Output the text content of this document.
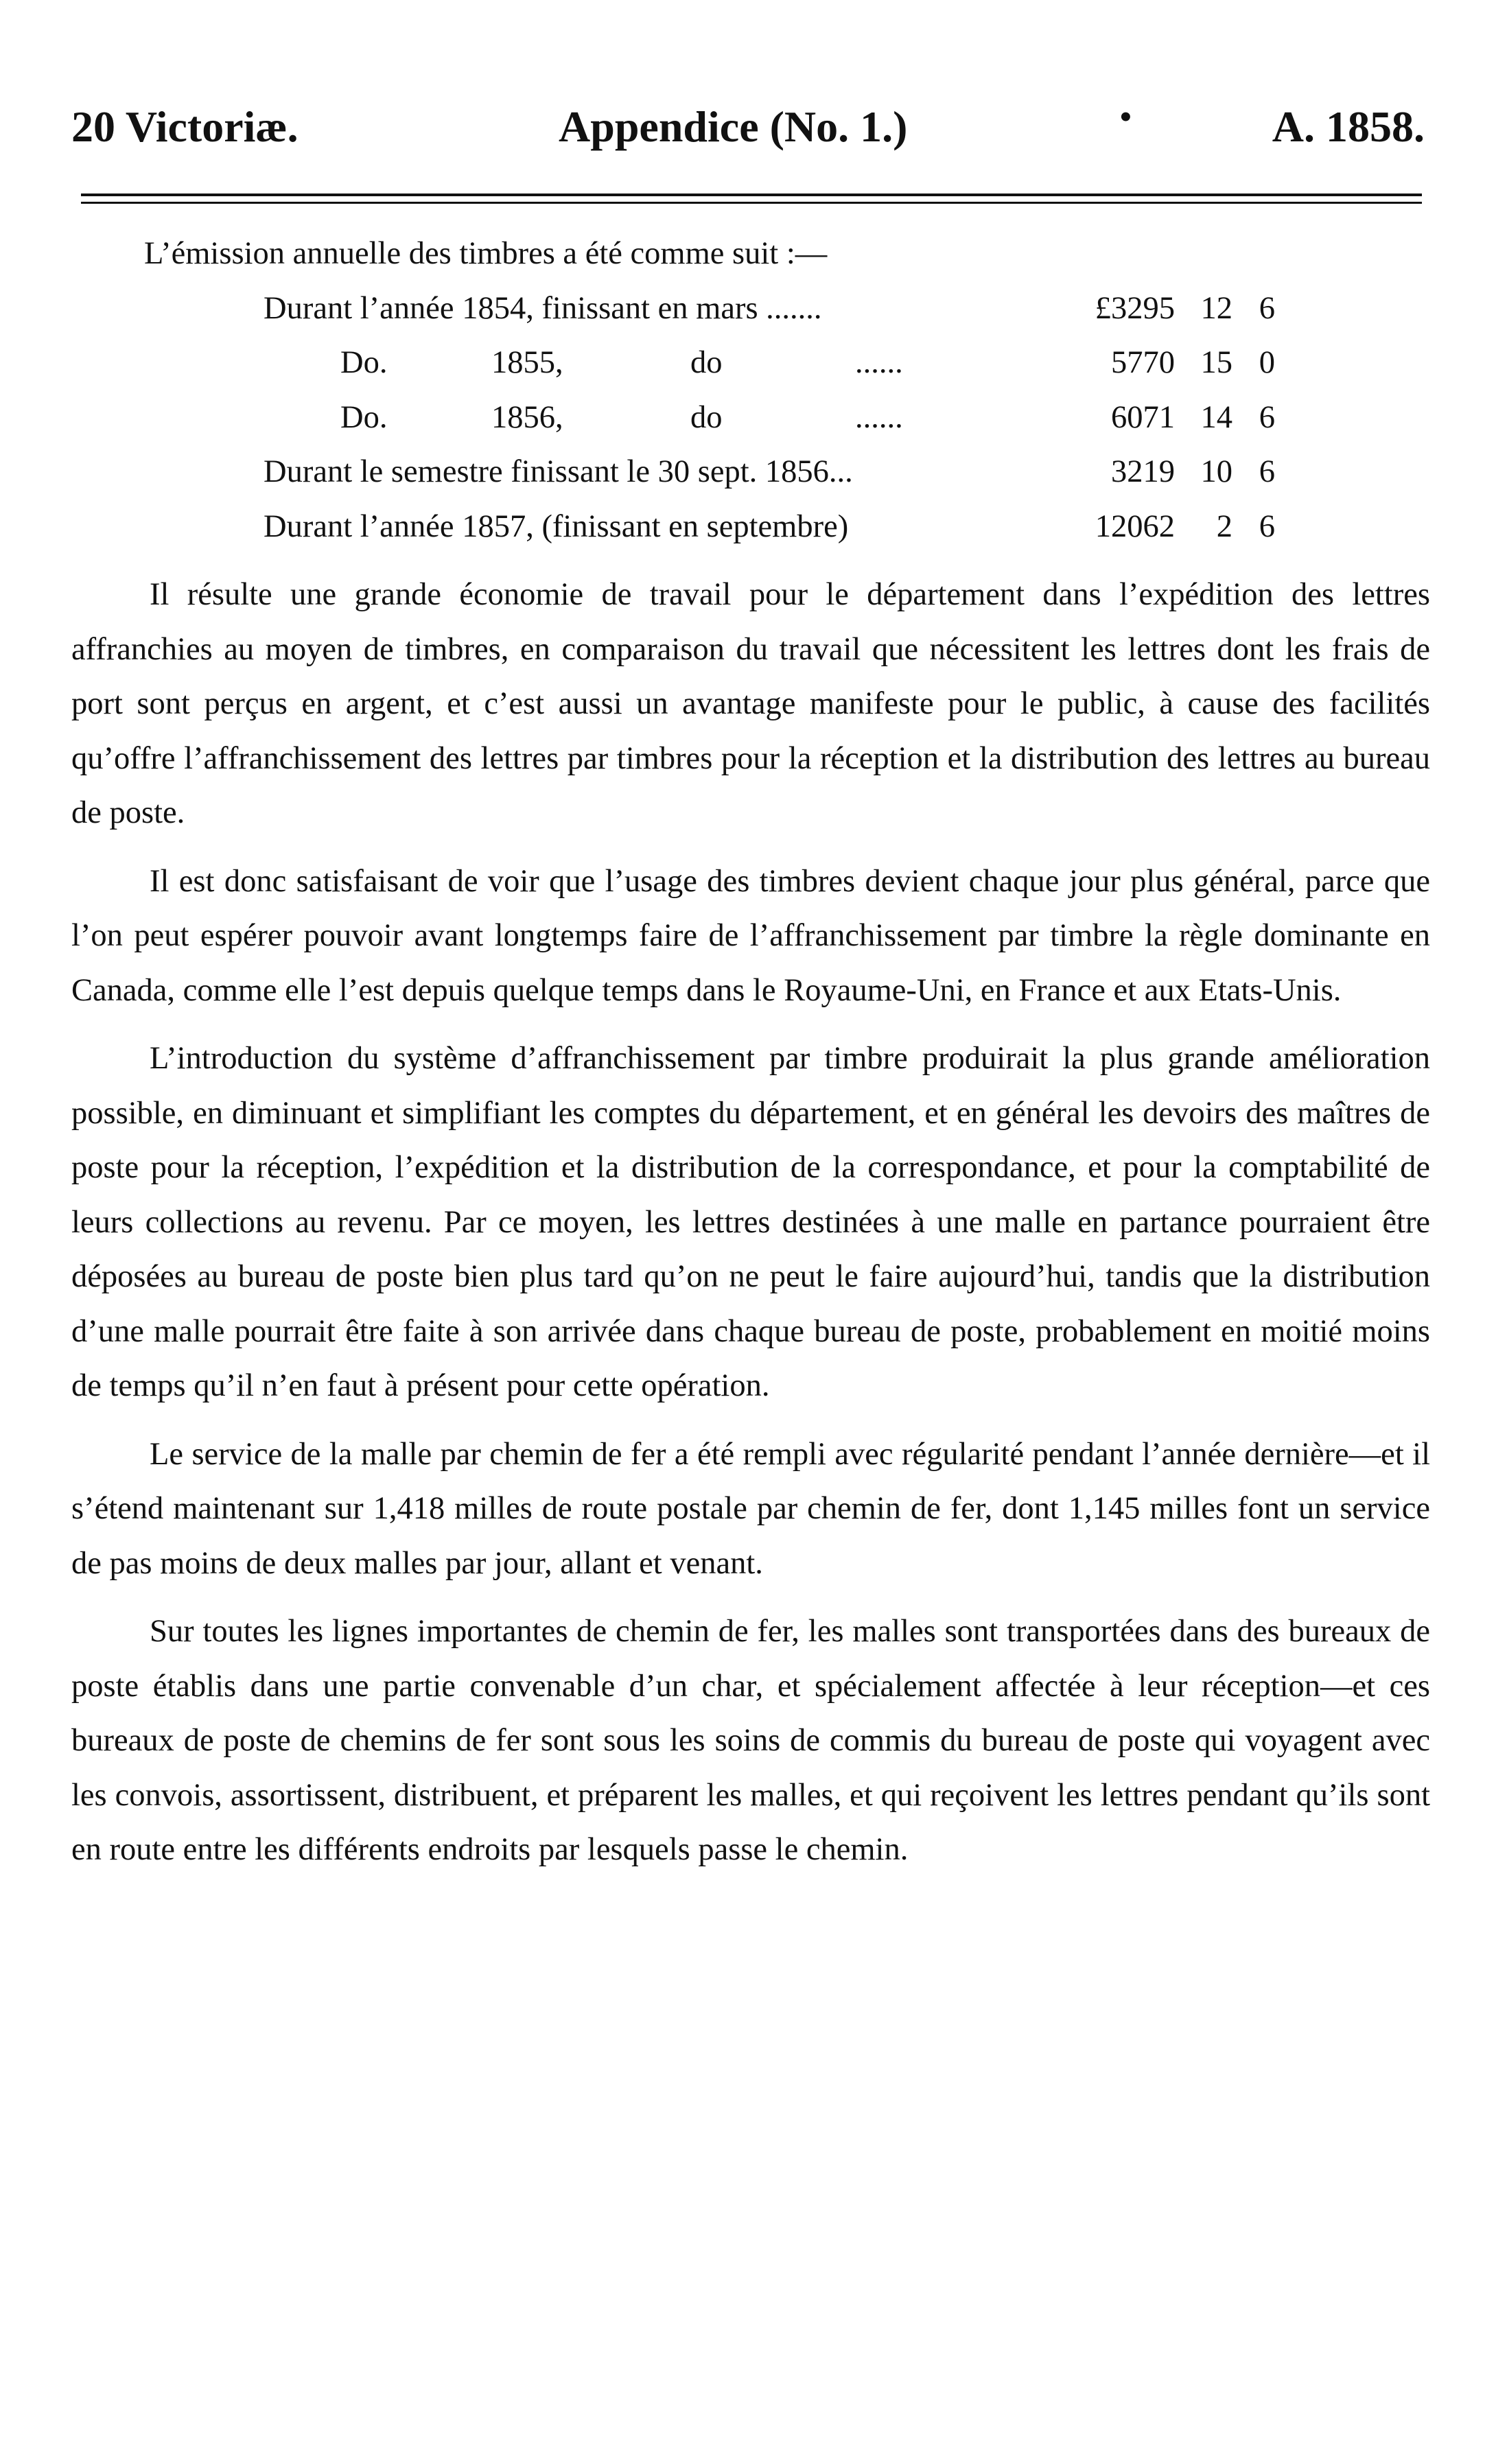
20 Victoriæ.	Appendice (No. 1.)	•	A. 1858.

L’émission annuelle des timbres a été comme suit :—

Durant l’année 1854, finissant en mars .......	£3295	12	6
Do. 1855, do ......	5770	15	0
Do. 1856, do ......	6071	14	6
Durant le semestre finissant le 30 sept. 1856...	3219	10	6
Durant l’année 1857, (finissant en septembre)	12062	2	6

Il résulte une grande économie de travail pour le département dans l’expédition des lettres affranchies au moyen de timbres, en comparaison du travail que nécessitent les lettres dont les frais de port sont perçus en argent, et c’est aussi un avantage manifeste pour le public, à cause des facilités qu’offre l’affranchissement des lettres par timbres pour la réception et la distribution des lettres au bureau de poste.

Il est donc satisfaisant de voir que l’usage des timbres devient chaque jour plus général, parce que l’on peut espérer pouvoir avant longtemps faire de l’affranchissement par timbre la règle dominante en Canada, comme elle l’est depuis quelque temps dans le Royaume-Uni, en France et aux Etats-Unis.

L’introduction du système d’affranchissement par timbre produirait la plus grande amélioration possible, en diminuant et simplifiant les comptes du département, et en général les devoirs des maîtres de poste pour la réception, l’expédition et la distribution de la correspondance, et pour la comptabilité de leurs collections au revenu. Par ce moyen, les lettres destinées à une malle en partance pourraient être déposées au bureau de poste bien plus tard qu’on ne peut le faire aujourd’hui, tandis que la distribution d’une malle pourrait être faite à son arrivée dans chaque bureau de poste, probablement en moitié moins de temps qu’il n’en faut à présent pour cette opération.

Le service de la malle par chemin de fer a été rempli avec régularité pendant l’année dernière—et il s’étend maintenant sur 1,418 milles de route postale par chemin de fer, dont 1,145 milles font un service de pas moins de deux malles par jour, allant et venant.

Sur toutes les lignes importantes de chemin de fer, les malles sont transportées dans des bureaux de poste établis dans une partie convenable d’un char, et spécialement affectée à leur réception—et ces bureaux de poste de chemins de fer sont sous les soins de commis du bureau de poste qui voyagent avec les convois, assortissent, distribuent, et préparent les malles, et qui reçoivent les lettres pendant qu’ils sont en route entre les différents endroits par lesquels passe le chemin.
